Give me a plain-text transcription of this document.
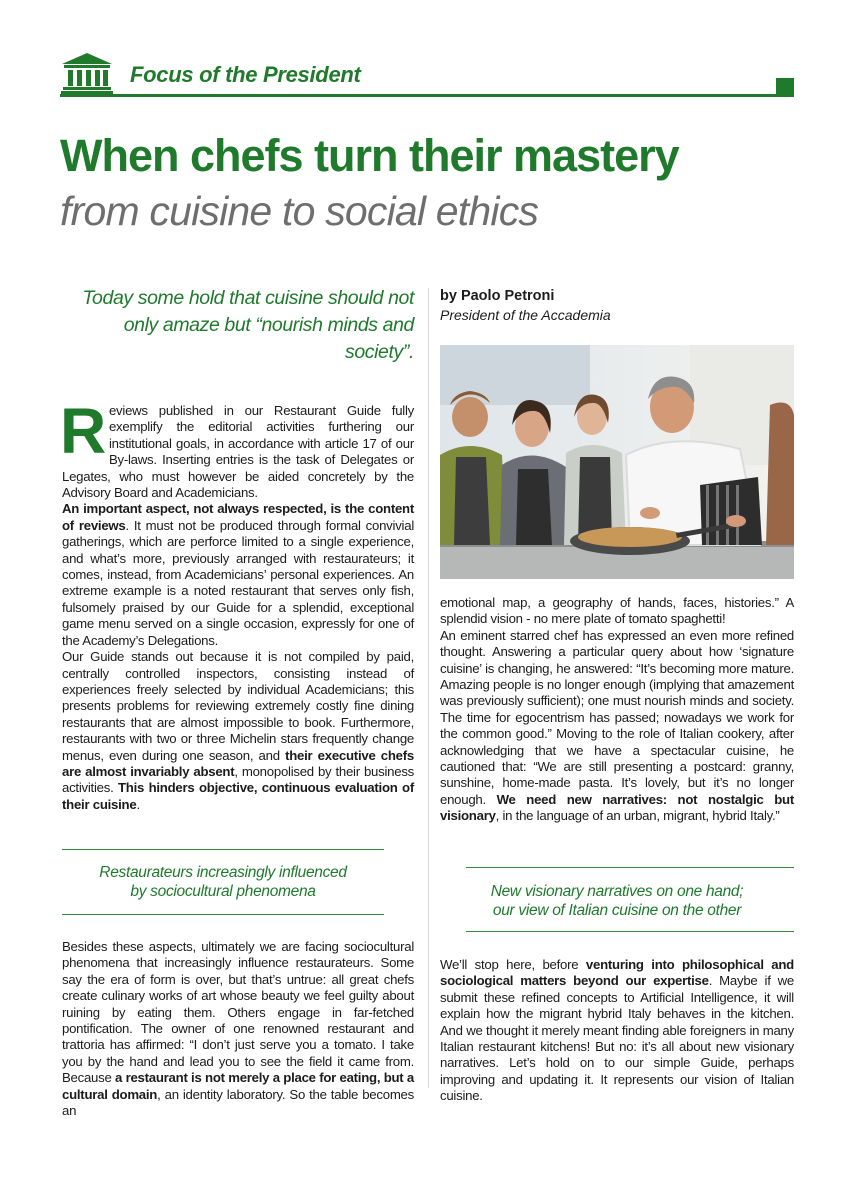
Focus of the President
When chefs turn their mastery
from cuisine to social ethics
Today some hold that cuisine should not only amaze but “nourish minds and society”.
by Paolo Petroni
President of the Accademia

Reviews published in our Restaurant Guide fully exemplify the editorial activities furthering our institutional goals, in accordance with article 17 of our By-laws. Inserting entries is the task of Delegates or Legates, who must however be aided concretely by the Advisory Board and Academicians.

An important aspect, not always respected, is the content of reviews. It must not be produced through formal convivial gatherings, which are perforce limited to a single experience, and what’s more, previously arranged with restaurateurs; it comes, instead, from Academicians’ personal experiences. An extreme example is a noted restaurant that serves only fish, fulsomely praised by our Guide for a splendid, exceptional game menu served on a single occasion, expressly for one of the Academy’s Delegations.

Our Guide stands out because it is not compiled by paid, centrally controlled inspectors, consisting instead of experiences freely selected by individual Academicians; this presents problems for reviewing extremely costly fine dining restaurants that are almost impossible to book. Furthermore, restaurants with two or three Michelin stars frequently change menus, even during one season, and their executive chefs are almost invariably absent, monopolised by their business activities. This hinders objective, continuous evaluation of their cuisine.

Restaurateurs increasingly influenced
by sociocultural phenomena

Besides these aspects, ultimately we are facing sociocultural phenomena that increasingly influence restaurateurs. Some say the era of form is over, but that’s untrue: all great chefs create culinary works of art whose beauty we feel guilty about ruining by eating them. Others engage in far-fetched pontification. The owner of one renowned restaurant and trattoria has affirmed: “I don’t just serve you a tomato. I take you by the hand and lead you to see the field it came from. Because a restaurant is not merely a place for eating, but a cultural domain, an identity laboratory. So the table becomes an

emotional map, a geography of hands, faces, histories.” A splendid vision - no mere plate of tomato spaghetti!

An eminent starred chef has expressed an even more refined thought. Answering a particular query about how ‘signature cuisine’ is changing, he answered: “It’s becoming more mature. Amazing people is no longer enough (implying that amazement was previously sufficient); one must nourish minds and society. The time for egocentrism has passed; nowadays we work for the common good.” Moving to the role of Italian cookery, after acknowledging that we have a spectacular cuisine, he cautioned that: “We are still presenting a postcard: granny, sunshine, home-made pasta. It’s lovely, but it’s no longer enough. We need new narratives: not nostalgic but visionary, in the language of an urban, migrant, hybrid Italy.”

New visionary narratives on one hand;
our view of Italian cuisine on the other

We’ll stop here, before venturing into philosophical and sociological matters beyond our expertise. Maybe if we submit these refined concepts to Artificial Intelligence, it will explain how the migrant hybrid Italy behaves in the kitchen. And we thought it merely meant finding able foreigners in many Italian restaurant kitchens! But no: it’s all about new visionary narratives. Let’s hold on to our simple Guide, perhaps improving and updating it. It represents our vision of Italian cuisine.
